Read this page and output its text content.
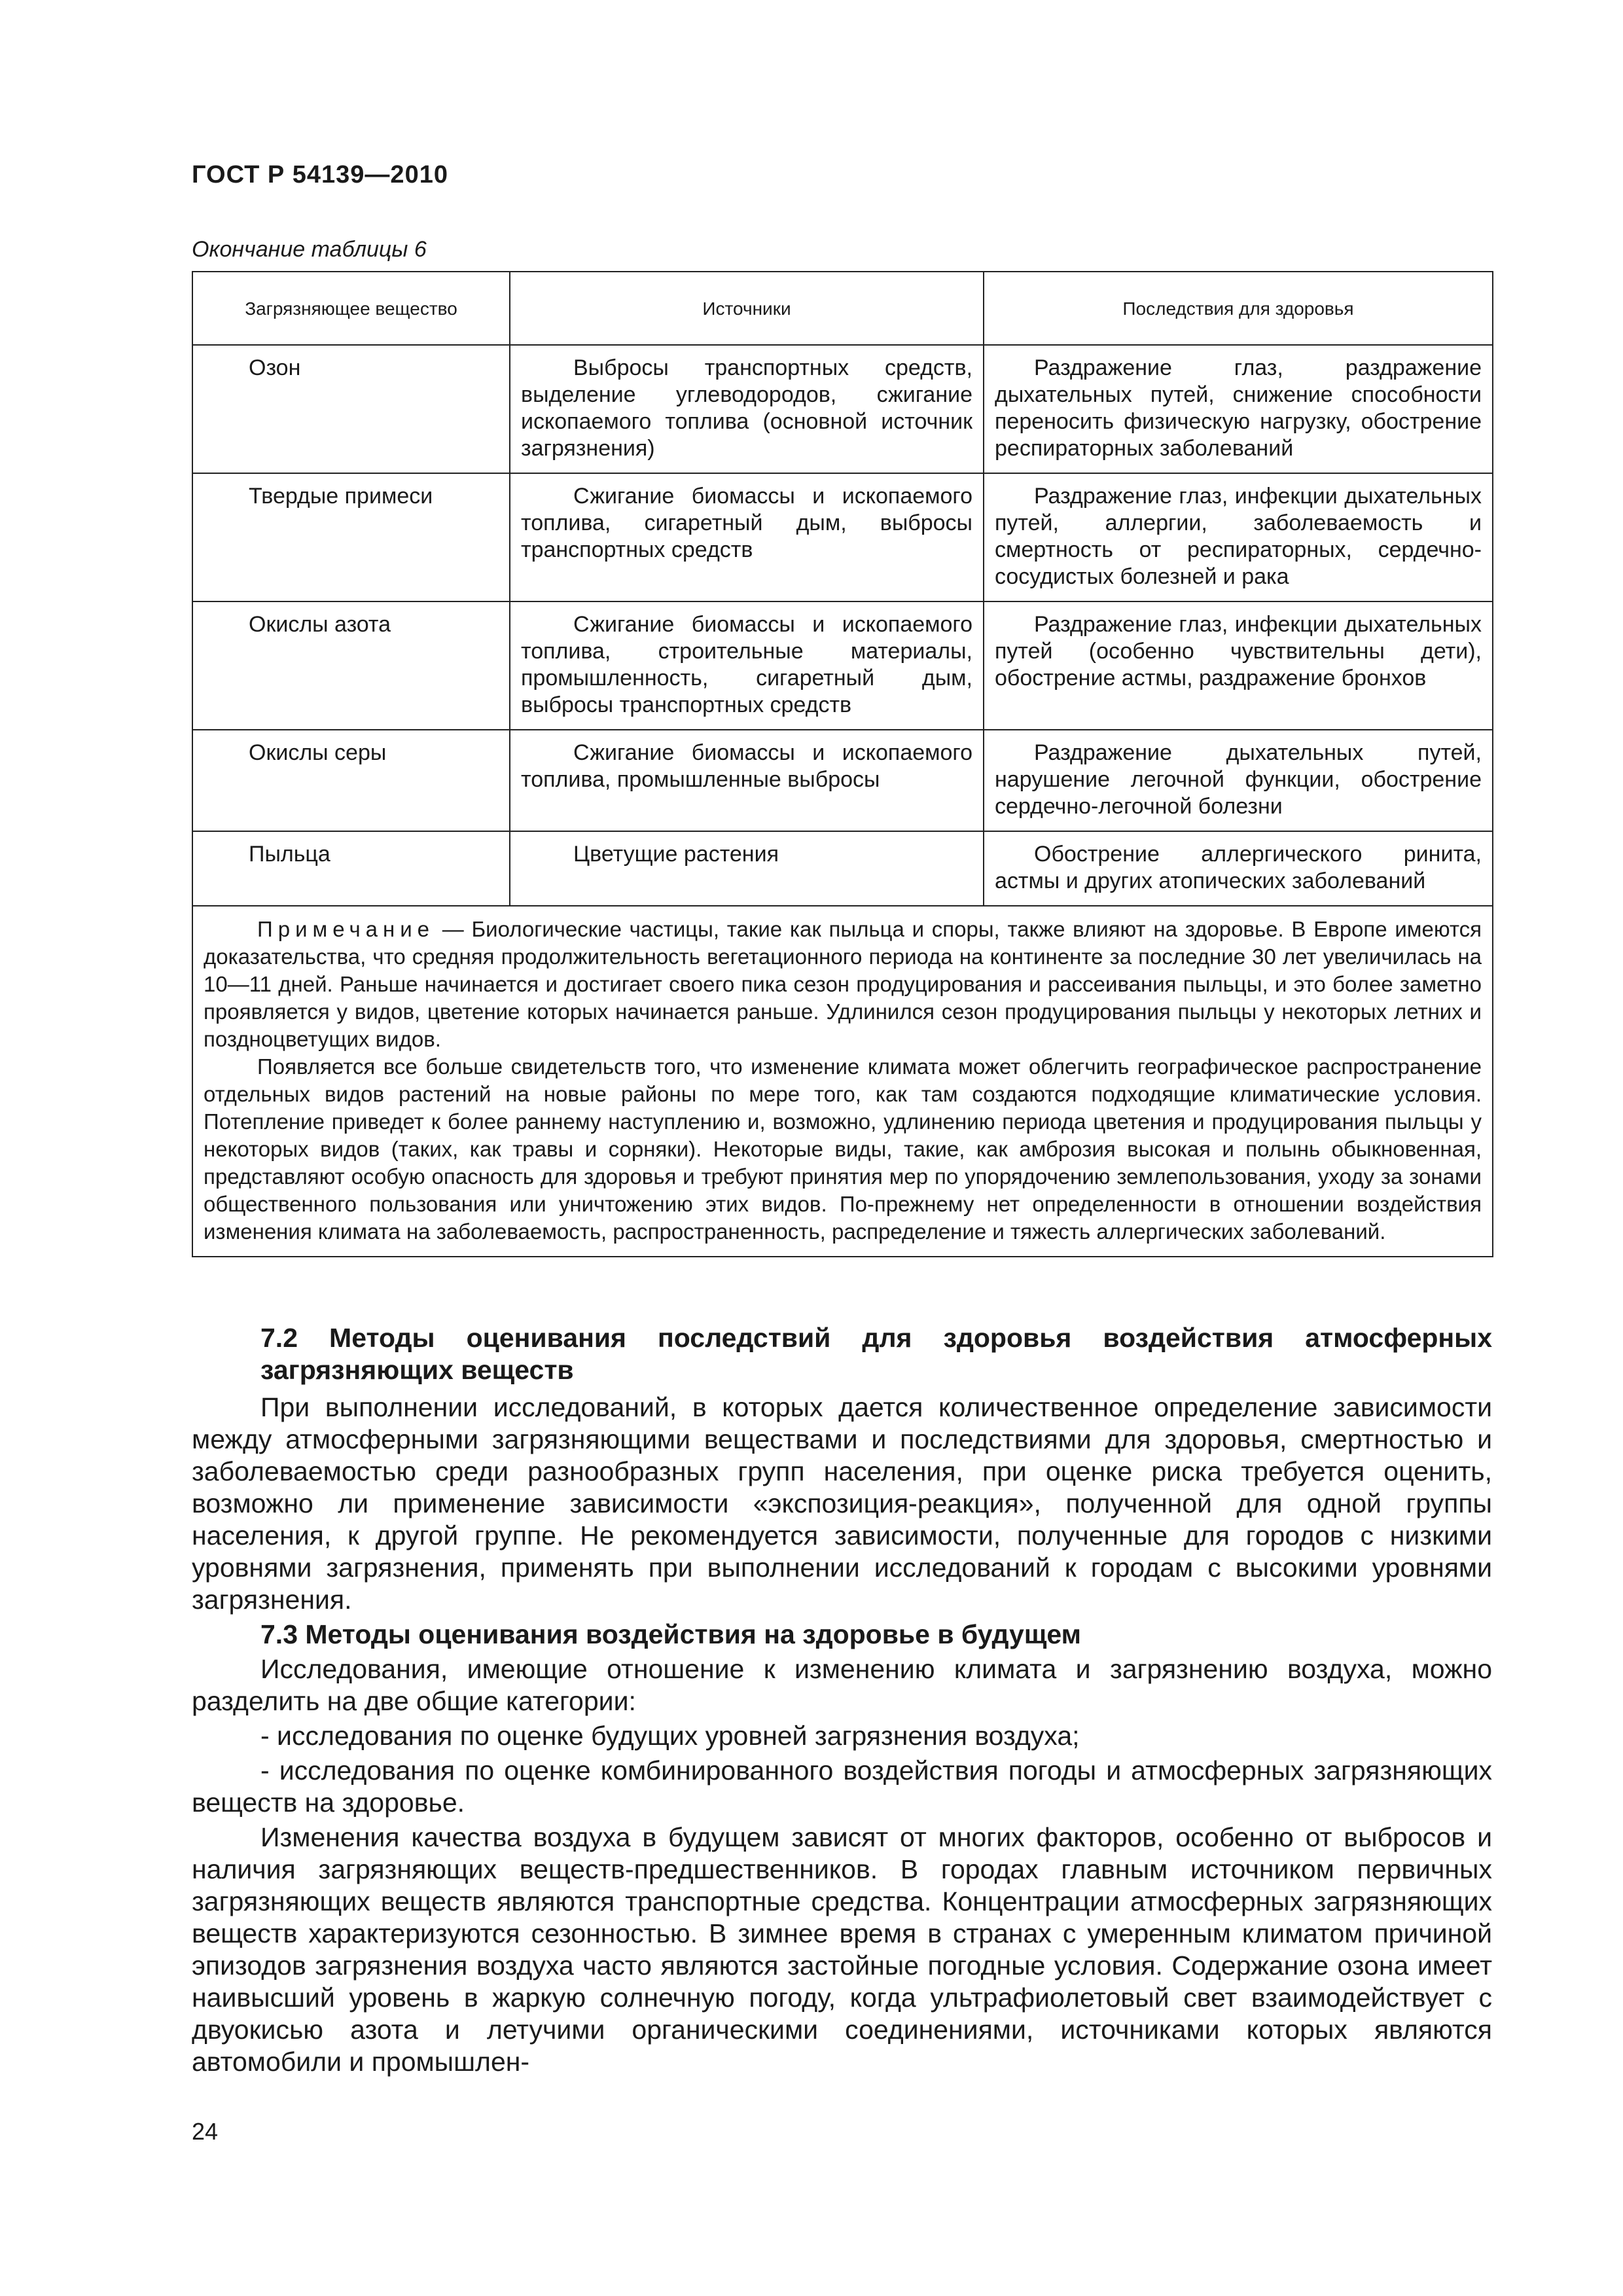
ГОСТ Р 54139—2010
Окончание таблицы 6
Загрязняющее вещество	Источники	Последствия для здоровья
Озон	Выбросы транспортных средств, выделение углеводородов, сжигание ископаемого топлива (основной источник загрязнения)	Раздражение глаз, раздражение дыхательных путей, снижение способности переносить физическую нагрузку, обострение респираторных заболеваний
Твердые примеси	Сжигание биомассы и ископаемого топлива, сигаретный дым, выбросы транспортных средств	Раздражение глаз, инфекции дыхательных путей, аллергии, заболеваемость и смертность от респираторных, сердечно-сосудистых болезней и рака
Окислы азота	Сжигание биомассы и ископаемого топлива, строительные материалы, промышленность, сигаретный дым, выбросы транспортных средств	Раздражение глаз, инфекции дыхательных путей (особенно чувствительны дети), обострение астмы, раздражение бронхов
Окислы серы	Сжигание биомассы и ископаемого топлива, промышленные выбросы	Раздражение дыхательных путей, нарушение легочной функции, обострение сердечно-легочной болезни
Пыльца	Цветущие растения	Обострение аллергического ринита, астмы и других атопических заболеваний

Примечание — Биологические частицы, такие как пыльца и споры, также влияют на здоровье. В Европе имеются доказательства, что средняя продолжительность вегетационного периода на континенте за последние 30 лет увеличилась на 10—11 дней. Раньше начинается и достигает своего пика сезон продуцирования и рассеивания пыльцы, и это более заметно проявляется у видов, цветение которых начинается раньше. Удлинился сезон продуцирования пыльцы у некоторых летних и поздноцветущих видов.

Появляется все больше свидетельств того, что изменение климата может облегчить географическое распространение отдельных видов растений на новые районы по мере того, как там создаются подходящие климатические условия. Потепление приведет к более раннему наступлению и, возможно, удлинению периода цветения и продуцирования пыльцы у некоторых видов (таких, как травы и сорняки). Некоторые виды, такие, как амброзия высокая и полынь обыкновенная, представляют особую опасность для здоровья и требуют принятия мер по упорядочению землепользования, уходу за зонами общественного пользования или уничтожению этих видов. По-прежнему нет определенности в отношении воздействия изменения климата на заболеваемость, распространенность, распределение и тяжесть аллергических заболеваний.		

7.2 Методы оценивания последствий для здоровья воздействия атмосферных загрязняющих веществ

При выполнении исследований, в которых дается количественное определение зависимости между атмосферными загрязняющими веществами и последствиями для здоровья, смертностью и заболеваемостью среди разнообразных групп населения, при оценке риска требуется оценить, возможно ли применение зависимости «экспозиция-реакция», полученной для одной группы населения, к другой группе. Не рекомендуется зависимости, полученные для городов с низкими уровнями загрязнения, применять при выполнении исследований к городам с высокими уровнями загрязнения.

7.3 Методы оценивания воздействия на здоровье в будущем

Исследования, имеющие отношение к изменению климата и загрязнению воздуха, можно разделить на две общие категории:

- исследования по оценке будущих уровней загрязнения воздуха;

- исследования по оценке комбинированного воздействия погоды и атмосферных загрязняющих веществ на здоровье.

Изменения качества воздуха в будущем зависят от многих факторов, особенно от выбросов и наличия загрязняющих веществ-предшественников. В городах главным источником первичных загрязняющих веществ являются транспортные средства. Концентрации атмосферных загрязняющих веществ характеризуются сезонностью. В зимнее время в странах с умеренным климатом причиной эпизодов загрязнения воздуха часто являются застойные погодные условия. Содержание озона имеет наивысший уровень в жаркую солнечную погоду, когда ультрафиолетовый свет взаимодействует с двуокисью азота и летучими органическими соединениями, источниками которых являются автомобили и промышлен-

24
